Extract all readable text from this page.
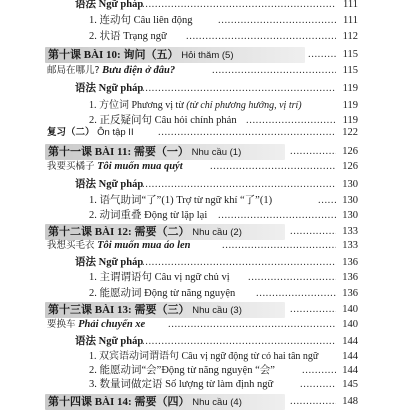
语法 Ngữ pháp .....	111
1. 连动句 Câu liên động .....	111
2. 状语 Trạng ngữ .....	112
第十课 BÀI 10: 询问（五） Hỏi thăm (5) .....	115
邮局在哪儿? Bưu điện ở đâu? .....	115
语法 Ngữ pháp .....	119
1. 方位词 Phương vị từ (từ chỉ phương hướng, vị trí)	119
2. 正反疑问句 Câu hỏi chính phản .....	119
复习（二） Ôn tập II .....	122
第十一课 BÀI 11: 需要（一） Nhu cầu (1) .....	126
我要买橘子 Tôi muốn mua quýt .....	126
语法 Ngữ pháp .....	130
1. 语气助词“了”(1) Trợ từ ngữ khí “了”(1) .....	130
2. 动词重叠 Động từ lặp lại .....	130
第十二课 BÀI 12: 需要（二） Nhu cầu (2) .....	133
我想买毛衣 Tôi muốn mua áo len .....	133
语法 Ngữ pháp .....	136
1. 主谓谓语句 Câu vị ngữ chủ vị .....	136
2. 能愿动词 Động từ năng nguyện .....	136
第十三课 BÀI 13: 需要（三） Nhu cầu (3) .....	140
要换车 Phải chuyển xe .....	140
语法 Ngữ pháp .....	144
1. 双宾语动词谓语句 Câu vị ngữ động từ có hai tân ngữ 144
2. 能愿动词“会”Động từ năng nguyện “会” .....	144
3. 数量词做定语 Số lượng từ làm định ngữ .....	145
第十四课 BÀI 14: 需要（四） Nhu cầu (4) .....	148
